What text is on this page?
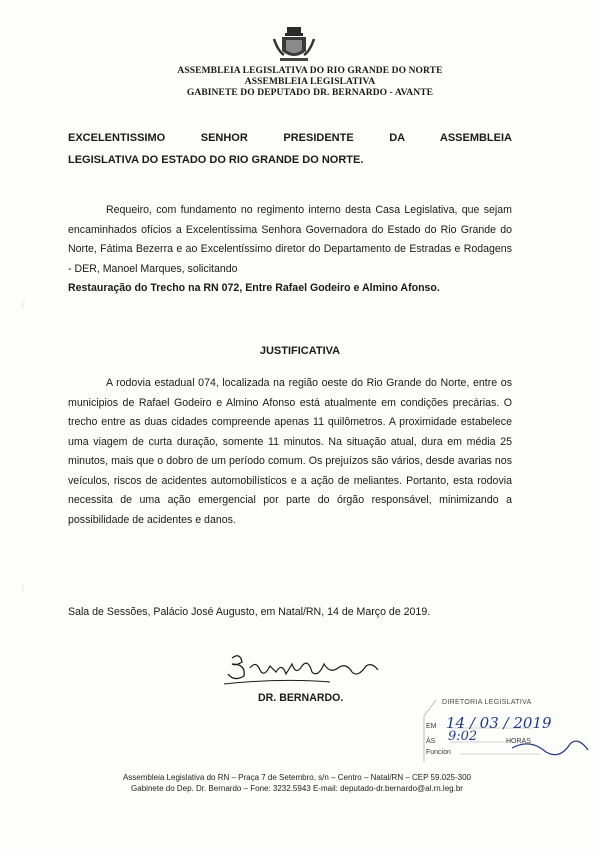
ASSEMBLEIA LEGISLATIVA DO RIO GRANDE DO NORTE
ASSEMBLEIA LEGISLATIVA
GABINETE DO DEPUTADO DR. BERNARDO - AVANTE
EXCELENTISSIMO SENHOR PRESIDENTE DA ASSEMBLEIA
LEGISLATIVA DO ESTADO DO RIO GRANDE DO NORTE.

Requeiro, com fundamento no regimento interno desta Casa Legislativa, que sejam encaminhados ofícios a Excelentíssima Senhora Governadora do Estado do Rio Grande do Norte, Fátima Bezerra e ao Excelentíssimo diretor do Departamento de Estradas e Rodagens - DER, Manoel Marques, solicitando
Restauração do Trecho na RN 072, Entre Rafael Godeiro e Almino Afonso.

JUSTIFICATIVA

A rodovia estadual 074, localizada na região oeste do Rio Grande do Norte, entre os municipios de Rafael Godeiro e Almino Afonso está atualmente em condições precárias. O trecho entre as duas cidades compreende apenas 11 quilômetros. A proximidade estabelece uma viagem de curta duração, somente 11 minutos. Na situação atual, dura em média 25 minutos, mais que o dobro de um período comum. Os prejuízos são vários, desde avarias nos veículos, riscos de acidentes automobilísticos e a ação de meliantes. Portanto, esta rodovia necessita de uma ação emergencial por parte do órgão responsável, minimizando a possibilidade de acidentes e danos.

Sala de Sessões, Palácio José Augusto, em Natal/RN, 14 de Março de 2019.
DR. BERNARDO.	DIRETORIA LEGISLATIVA
EM 14 / 03 / 2019
ÀS 9:02	HORAS
Funcion
Assembleia Legislativa do RN – Praça 7 de Setembro, s/n – Centro – Natal/RN – CEP 59.025-300
Gabinete do Dep. Dr. Bernardo – Fone: 3232.5943 E-mail: deputado-dr.bernardo@al.rn.leg.br
